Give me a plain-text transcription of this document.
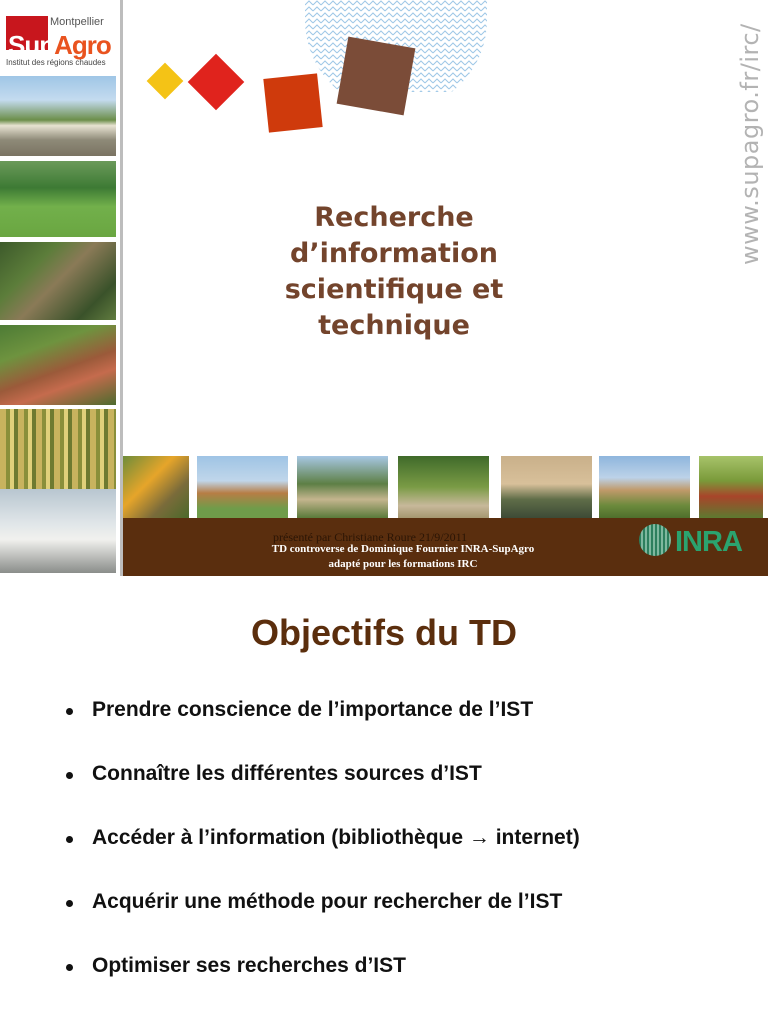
Montpellier
SupAgro
Institut des régions chaudes
Recherche d’information scientifique et technique
www.supagro.fr/irc/
présenté par Christiane Roure 21/9/2011
TD controverse de Dominique Fournier INRA-SupAgro
adapté pour les formations IRC
INRA
Objectifs du TD
Prendre conscience de l’importance de l’IST
Connaître les différentes sources d’IST
Accéder à l’information (bibliothèque → internet)
Acquérir une méthode pour rechercher de l’IST
Optimiser ses recherches d’IST
